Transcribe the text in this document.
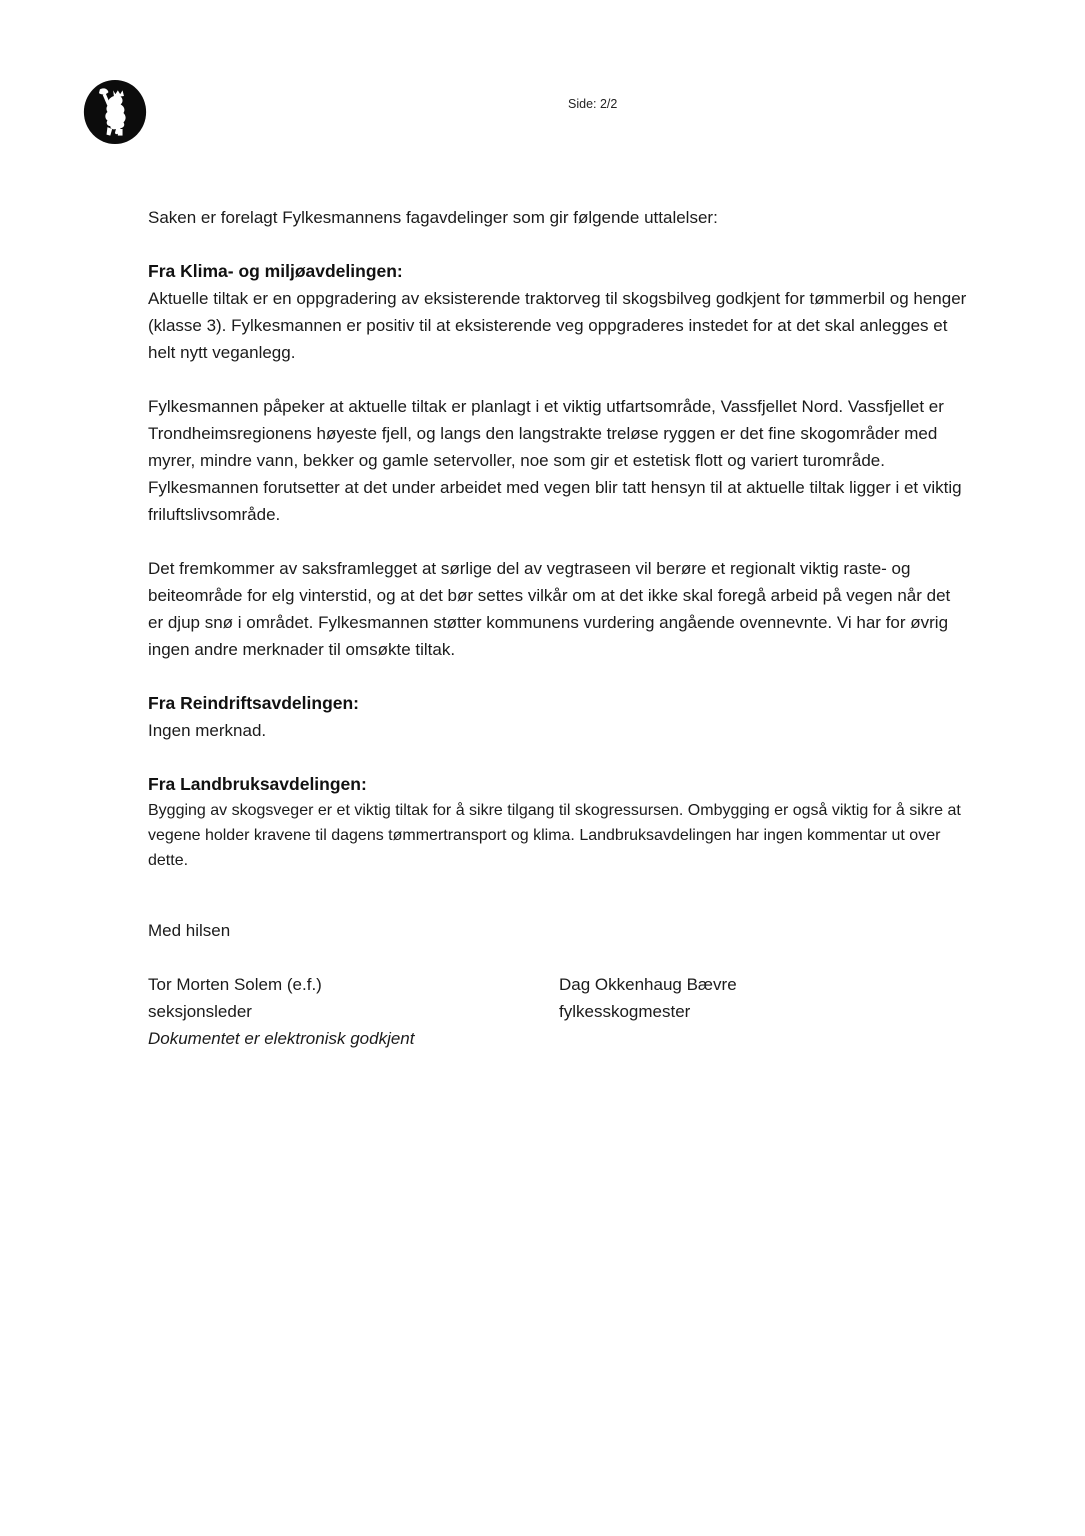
Side: 2/2

Saken er forelagt Fylkesmannens fagavdelinger som gir følgende uttalelser:

Fra Klima- og miljøavdelingen:

Aktuelle tiltak er en oppgradering av eksisterende traktorveg til skogsbilveg godkjent for tømmerbil og henger (klasse 3). Fylkesmannen er positiv til at eksisterende veg oppgraderes instedet for at det skal anlegges et helt nytt veganlegg.

Fylkesmannen påpeker at aktuelle tiltak er planlagt i et viktig utfartsområde, Vassfjellet Nord. Vassfjellet er Trondheimsregionens høyeste fjell, og langs den langstrakte treløse ryggen er det fine skogområder med myrer, mindre vann, bekker og gamle setervoller, noe som gir et estetisk flott og variert turområde. Fylkesmannen forutsetter at det under arbeidet med vegen blir tatt hensyn til at aktuelle tiltak ligger i et viktig friluftslivsområde.

Det fremkommer av saksframlegget at sørlige del av vegtraseen vil berøre et regionalt viktig raste- og beiteområde for elg vinterstid, og at det bør settes vilkår om at det ikke skal foregå arbeid på vegen når det er djup snø i området. Fylkesmannen støtter kommunens vurdering angående ovennevnte. Vi har for øvrig ingen andre merknader til omsøkte tiltak.

Fra Reindriftsavdelingen:

Ingen merknad.

Fra Landbruksavdelingen:

Bygging av skogsveger er et viktig tiltak for å sikre tilgang til skogressursen. Ombygging er også viktig for å sikre at vegene holder kravene til dagens tømmertransport og klima. Landbruksavdelingen har ingen kommentar ut over dette.

Med hilsen

Tor Morten Solem (e.f.)
seksjonsleder
Dag Okkenhaug Bævre
fylkesskogmester

Dokumentet er elektronisk godkjent
